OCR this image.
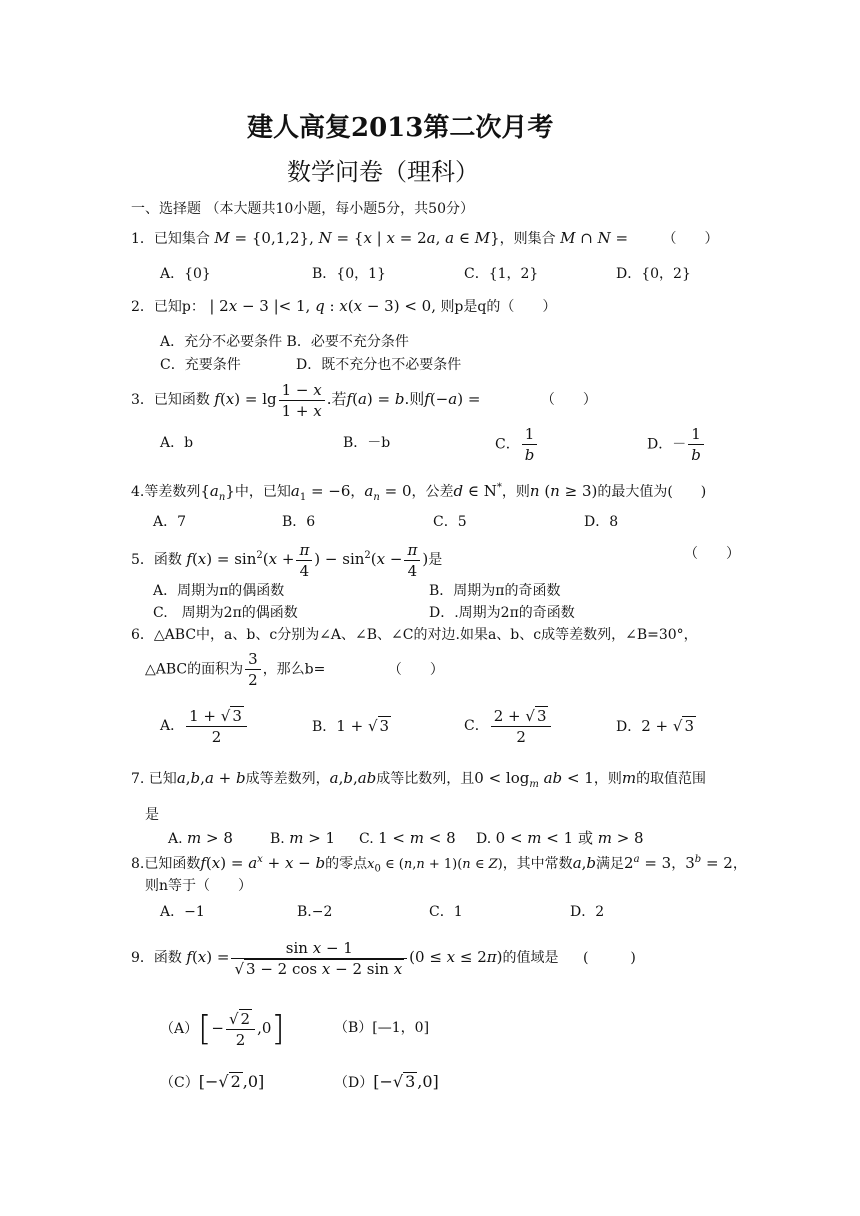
建人高复2013第二次月考
数学问卷（理科）
一、选择题 （本大题共10小题，每小题5分，共50分）
1．已知集合 M = {0,1,2}, N = {x | x = 2a, a ∈ M}，则集合 M ∩ N = （　　）
A．{0}	B．{0，1}	C．{1，2}	D．{0，2}
2．已知p： | 2x − 3 |< 1, q : x(x − 3) < 0, 则p是q的（　　）
A．充分不必要条件 B．必要不充分条件
C．充要条件	D．既不充分也不必要条件
3．已知函数 $f(x) = \lg \frac{1 - x}{1 + x}$ .若f(a) = b.则f(−a) =	（　　）
A．b	B．－b	C． $\frac{1}{b}$	D．－ $\frac{1}{b}$
4.等差数列$\{a_n\}$中，已知$a_1 = -6$，$a_n = 0$，公差d ∈ N*，则n (n ≥ 3)的最大值为(　　)
A．7	B．6	C．5	D．8
5．函数 $f(x) = \sin^2(x + \frac{\pi}{4}$ ) − $\sin^2(x - \frac{\pi}{4}$ )是	（　　）
A．周期为π的偶函数	B．周期为π的奇函数
C.　周期为2π的偶函数	D．.周期为2π的奇函数
6．△ABC中，a、b、c分别为∠A、∠B、∠C的对边.如果a、b、c成等差数列，∠B=30°，
△ABC的面积为 $\frac{3}{2}$ ，那么b=	（　　）
A． $\frac{1 + √ 3}{2}$	B．1 + √ 3	C． $\frac{2 + √ 3}{2}$	D．2 + √ 3
7. 已知a,b,a + b成等差数列，a,b,ab成等比数列，且$0 < \log_m$ ab < 1，则m的取值范围
是
A. m > 8	B. m > 1 C. 1 < m < 8 D. 0 < m < 1 或 m > 8
8.已知函数$f(x) = a^x + x - b$的零点$x_0$ ∈ (n,n + 1)(n ∈ Z)，其中常数a,b满足$2^a = 3$，$3^b = 2$，
则n等于（　　）
A．−1	B.−2	C．1	D．2
9．函数 $f(x) = \frac{\text{sin x − 1}}{\text{√ 3 − 2 cos x − 2 sin x}} (0 \le x \le 2\pi)$的值域是 (　　　)
$(A)[- \frac{√ 2}{2} ,0]$	（B）[—1，0]
（C）[−√ 2 ,0]	（D）[−√ 3 ,0]
